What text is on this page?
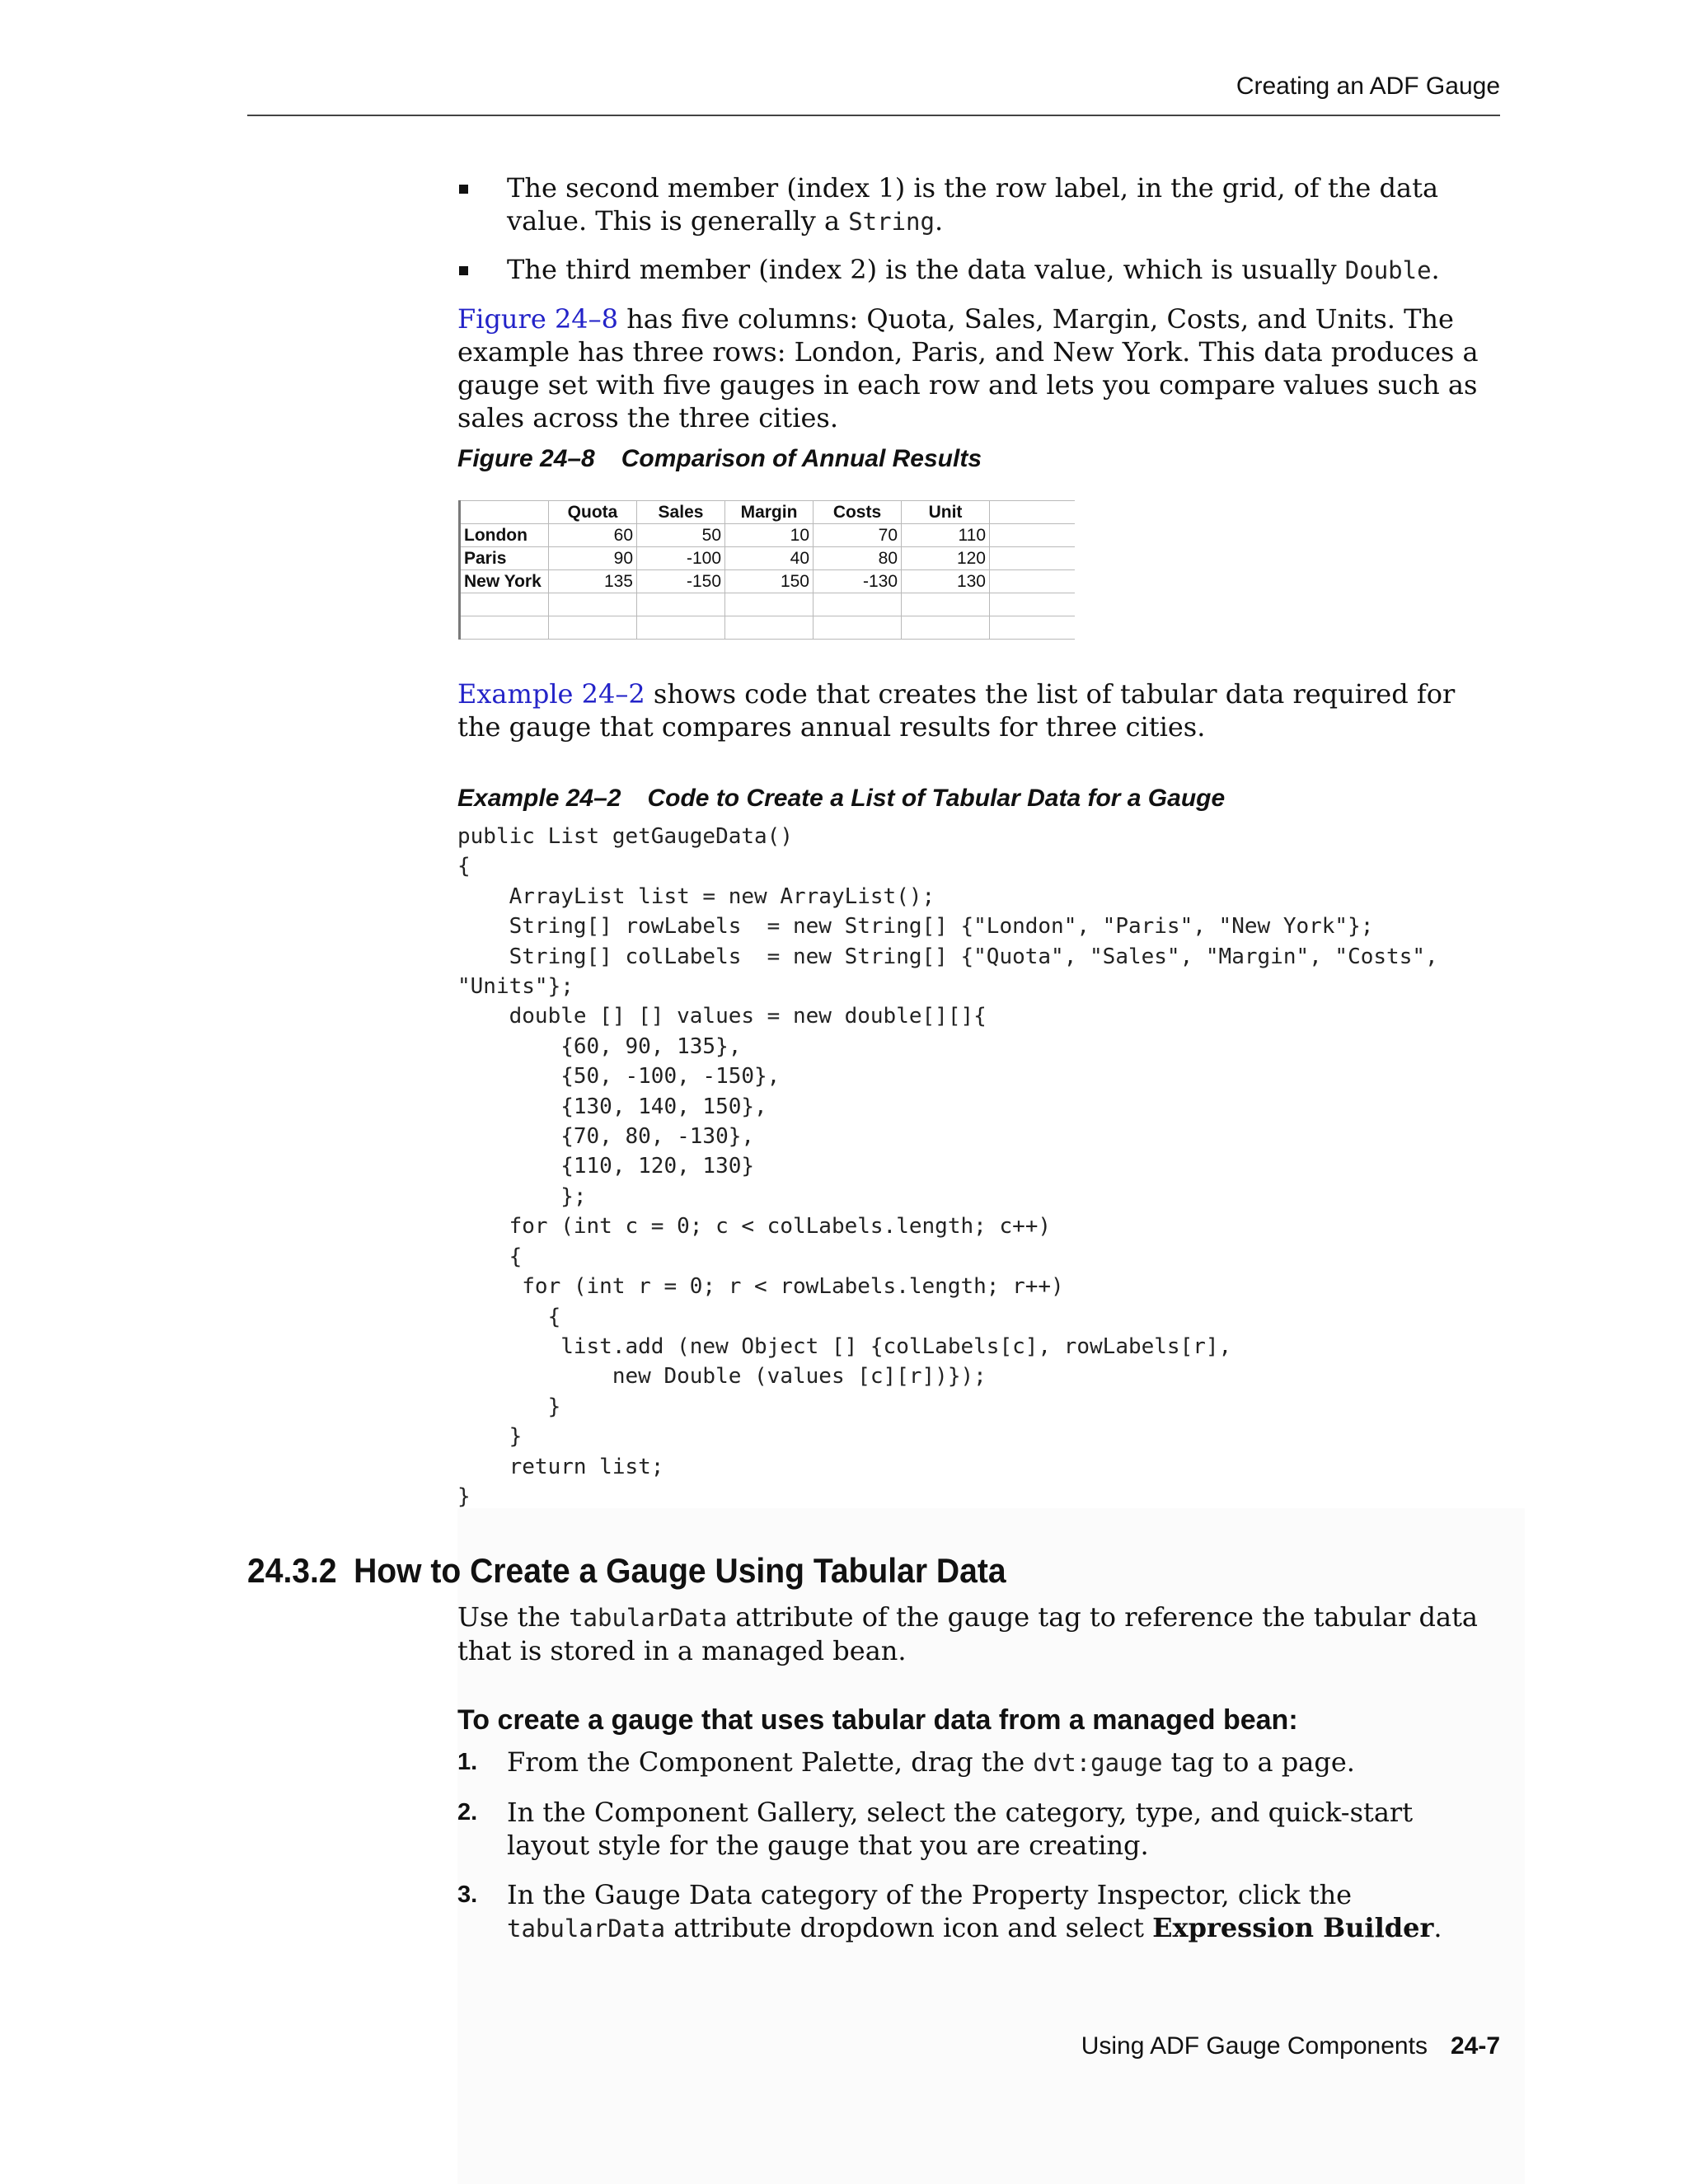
Creating an ADF Gauge
The second member (index 1) is the row label, in the grid, of the data value. This is generally a String.
The third member (index 2) is the data value, which is usually Double.
Figure 24–8 has five columns: Quota, Sales, Margin, Costs, and Units. The example has three rows: London, Paris, and New York. This data produces a gauge set with five gauges in each row and lets you compare values such as sales across the three cities.
Figure 24–8 Comparison of Annual Results
	Quota	Sales	Margin	Costs	Unit	
London	60	50	10	70	110	
Paris	90	-100	40	80	120	
New York	135	-150	150	-130	130	

Example 24–2 shows code that creates the list of tabular data required for the gauge that compares annual results for three cities.
Example 24–2 Code to Create a List of Tabular Data for a Gauge
public List getGaugeData()
{
ArrayList list = new ArrayList();
String[] rowLabels  = new String[] {"London", "Paris", "New York"};
String[] colLabels  = new String[] {"Quota", "Sales", "Margin", "Costs",
"Units"};
double [] [] values = new double[][]{
{60, 90, 135},
{50, -100, -150},
{130, 140, 150},
{70, 80, -130},
{110, 120, 130}
};
for (int c = 0; c < colLabels.length; c++)
{
for (int r = 0; r < rowLabels.length; r++)
{
list.add (new Object [] {colLabels[c], rowLabels[r],
new Double (values [c][r])});
}
}
return list;
}
24.3.2 How to Create a Gauge Using Tabular Data
Use the tabularData attribute of the gauge tag to reference the tabular data that is stored in a managed bean.
To create a gauge that uses tabular data from a managed bean:
1. From the Component Palette, drag the dvt:gauge tag to a page.
2. In the Component Gallery, select the category, type, and quick-start layout style for the gauge that you are creating.
3. In the Gauge Data category of the Property Inspector, click the tabularData attribute dropdown icon and select Expression Builder.
Using ADF Gauge Components 24-7
